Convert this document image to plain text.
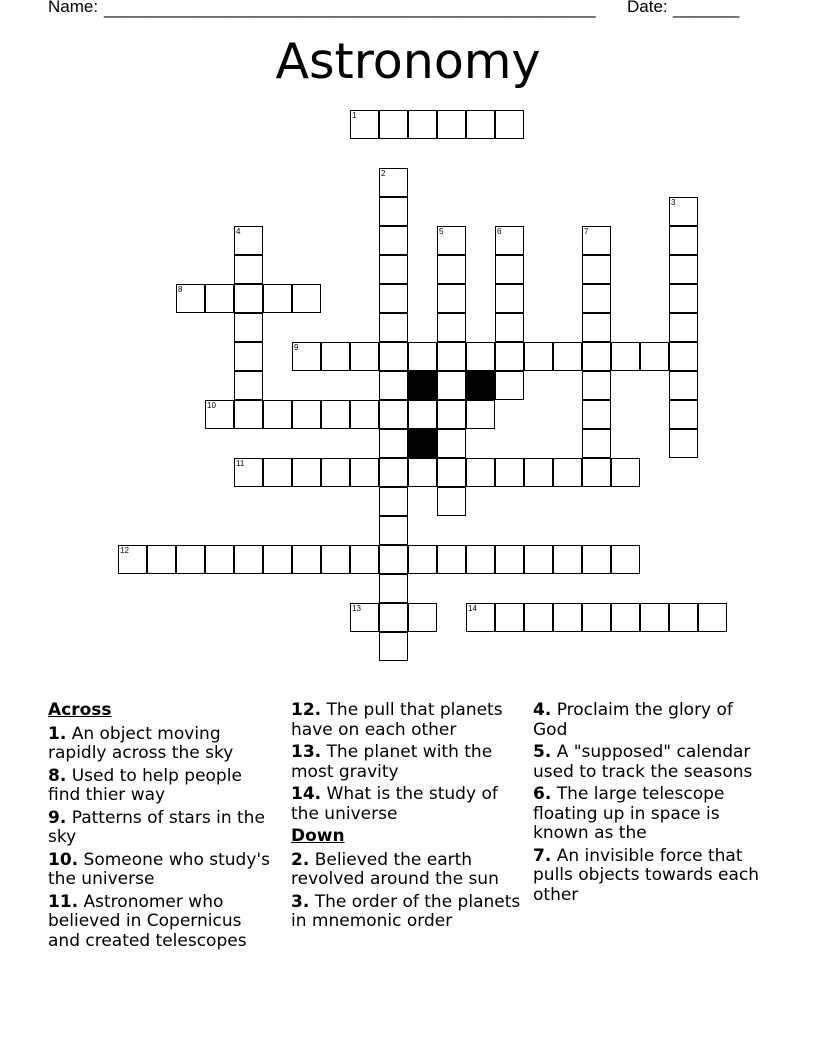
Name: ____________________________________________________ Date: _______
Astronomy
1
2
3
4	5	6	7
8
9
10
11
12
13	14

Across

1. An object moving rapidly across the sky

8. Used to help people find thier way

9. Patterns of stars in the sky

10. Someone who study's the universe

11. Astronomer who believed in Copernicus and created telescopes

12. The pull that planets have on each other

13. The planet with the most gravity

14. What is the study of the universe

Down

2. Believed the earth revolved around the sun

3. The order of the planets in mnemonic order

4. Proclaim the glory of God

5. A "supposed" calendar used to track the seasons

6. The large telescope floating up in space is known as the

7. An invisible force that pulls objects towards each other
